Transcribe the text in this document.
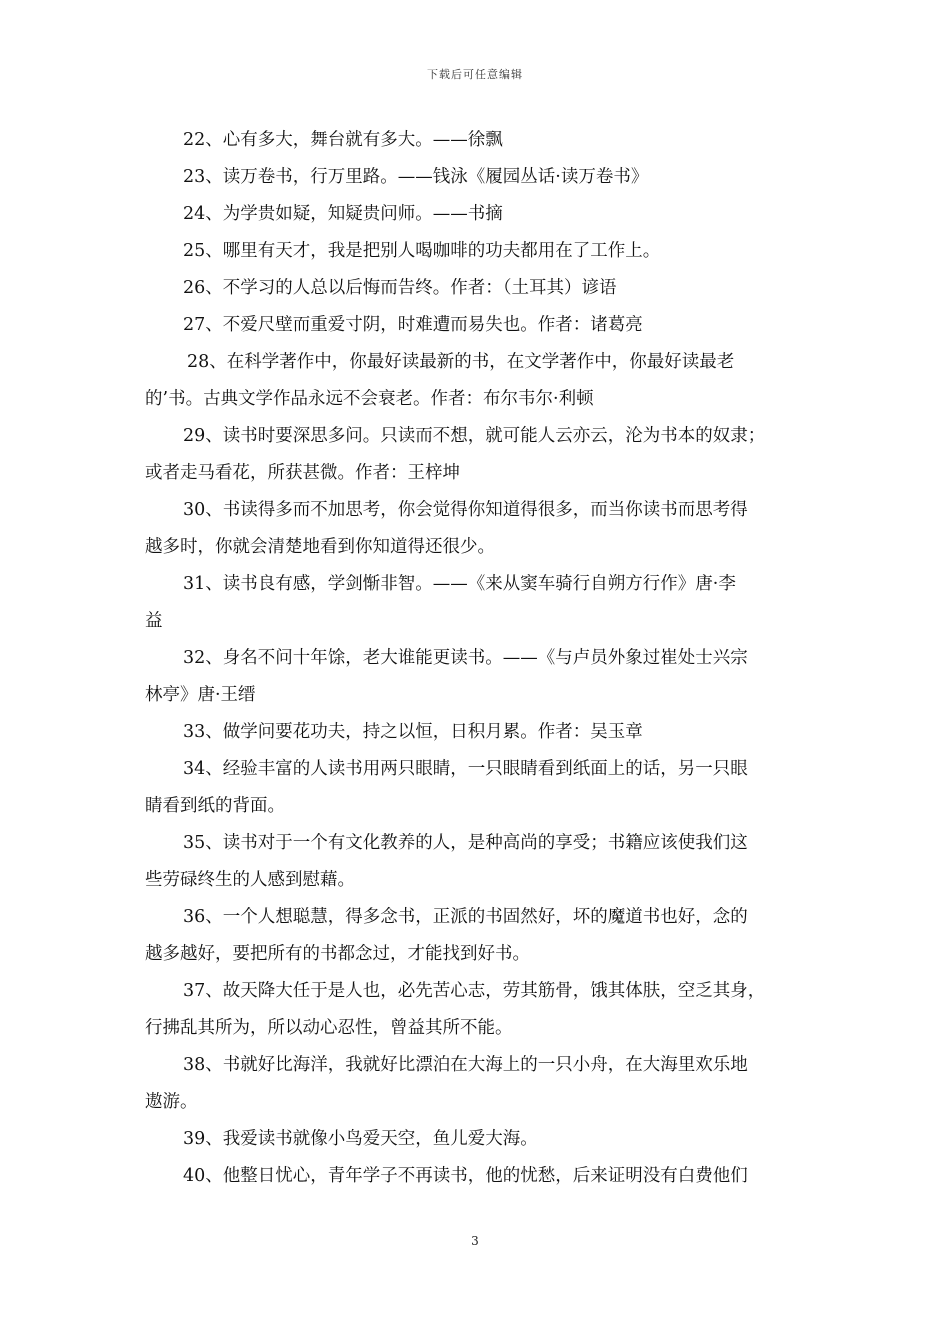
下载后可任意编辑
22、心有多大，舞台就有多大。——徐飘
23、读万卷书，行万里路。——钱泳《履园丛话·读万卷书》
24、为学贵如疑，知疑贵问师。——书摘
25、哪里有天才，我是把别人喝咖啡的功夫都用在了工作上。
26、不学习的人总以后悔而告终。作者：（土耳其）谚语
27、不爱尺壁而重爱寸阴，时难遭而易失也。作者：诸葛亮
28、在科学著作中，你最好读最新的书，在文学著作中，你最好读最老
的’书。古典文学作品永远不会衰老。作者：布尔韦尔·利顿
29、读书时要深思多问。只读而不想，就可能人云亦云，沦为书本的奴隶；
或者走马看花，所获甚微。作者：王梓坤
30、书读得多而不加思考，你会觉得你知道得很多，而当你读书而思考得
越多时，你就会清楚地看到你知道得还很少。
31、读书良有感，学剑惭非智。——《来从窦车骑行自朔方行作》唐·李
益
32、身名不问十年馀，老大谁能更读书。——《与卢员外象过崔处士兴宗
林亭》唐·王缙
33、做学问要花功夫，持之以恒，日积月累。作者：吴玉章
34、经验丰富的人读书用两只眼睛，一只眼睛看到纸面上的话，另一只眼
睛看到纸的背面。
35、读书对于一个有文化教养的人，是种高尚的享受；书籍应该使我们这
些劳碌终生的人感到慰藉。
36、一个人想聪慧，得多念书，正派的书固然好，坏的魔道书也好，念的
越多越好，要把所有的书都念过，才能找到好书。
37、故天降大任于是人也，必先苦心志，劳其筋骨，饿其体肤，空乏其身，
行拂乱其所为，所以动心忍性，曾益其所不能。
38、书就好比海洋，我就好比漂泊在大海上的一只小舟，在大海里欢乐地
遨游。
39、我爱读书就像小鸟爱天空，鱼儿爱大海。
40、他整日忧心，青年学子不再读书，他的忧愁，后来证明没有白费他们
3
